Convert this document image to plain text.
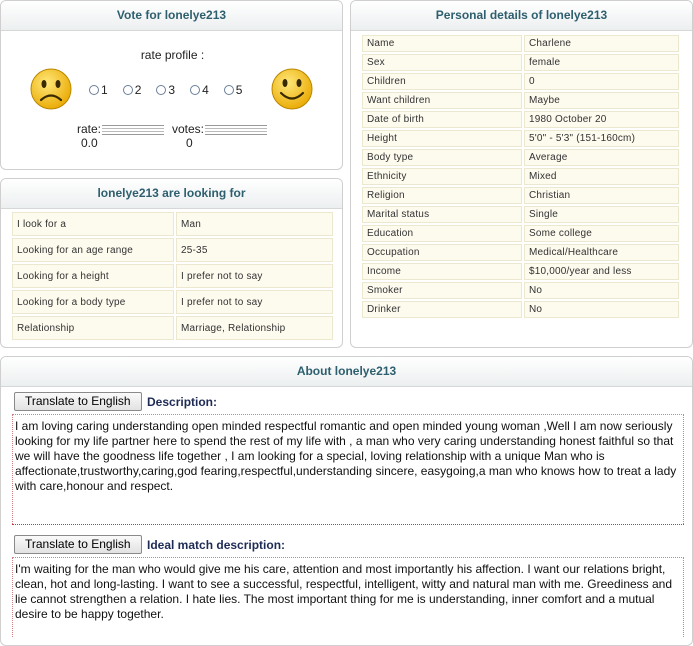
Vote for lonelye213
rate profile :
1 2 3 4 5
rate:
0.0
votes:
0
lonelye213 are looking for
I look for a	Man
Looking for an age range	25-35
Looking for a height	I prefer not to say
Looking for a body type	I prefer not to say
Relationship	Marriage, Relationship
Personal details of lonelye213
Name	Charlene
Sex	female
Children	0
Want children	Maybe
Date of birth	1980 October 20
Height	5'0" - 5'3" (151-160cm)
Body type	Average
Ethnicity	Mixed
Religion	Christian
Marital status	Single
Education	Some college
Occupation	Medical/Healthcare
Income	$10,000/year and less
Smoker	No
Drinker	No
About lonelye213
Translate to English	Description:
I am loving caring understanding open minded respectful romantic and open minded young woman ,Well I am now seriously looking for my life partner here to spend the rest of my life with , a man who very caring understanding honest faithful so that we will have the goodness life together , I am looking for a special, loving relationship with a unique Man who is affectionate,trustworthy,caring,god fearing,respectful,understanding sincere, easygoing,a man who knows how to treat a lady with care,honour and respect.
Translate to English	Ideal match description:
I'm waiting for the man who would give me his care, attention and most importantly his affection. I want our relations bright, clean, hot and long-lasting. I want to see a successful, respectful, intelligent, witty and natural man with me. Greediness and lie cannot strengthen a relation. I hate lies. The most important thing for me is understanding, inner comfort and a mutual desire to be happy together.
